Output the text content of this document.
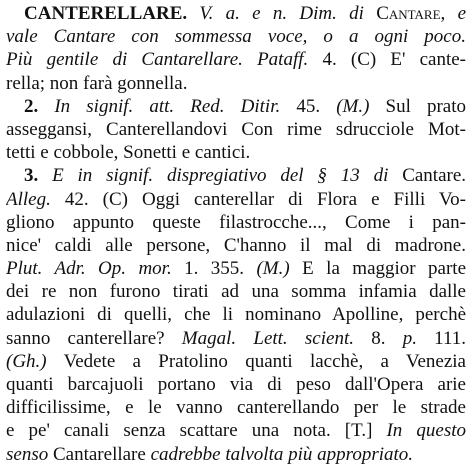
CANTERELLARE. V. a. e n. Dim. di Cantare, e
vale Cantare con sommessa voce, o a ogni poco.
Più gentile di Cantarellare. Pataff. 4. (C) E' cante-
rella; non farà gonnella.
2. In signif. att. Red. Ditir. 45. (M.) Sul prato
asseggansi, Canterellandovi Con rime sdrucciole Mot-
tetti e cobbole, Sonetti e cantici.
3. E in signif. dispregiativo del § 13 di Cantare.
Alleg. 42. (C) Oggi canterellar di Flora e Filli Vo-
gliono appunto queste filastrocche..., Come i pan-
nice' caldi alle persone, C'hanno il mal di madrone.
Plut. Adr. Op. mor. 1. 355. (M.) E la maggior parte
dei re non furono tirati ad una somma infamia dalle
adulazioni di quelli, che li nominano Apolline, perchè
sanno canterellare? Magal. Lett. scient. 8. p. 111.
(Gh.) Vedete a Pratolino quanti lacchè, a Venezia
quanti barcajuoli portano via di peso dall'Opera arie
difficilissime, e le vanno canterellando per le strade
e pe' canali senza scattare una nota. [T.] In questo
senso Cantarellare cadrebbe talvolta più appropriato.
